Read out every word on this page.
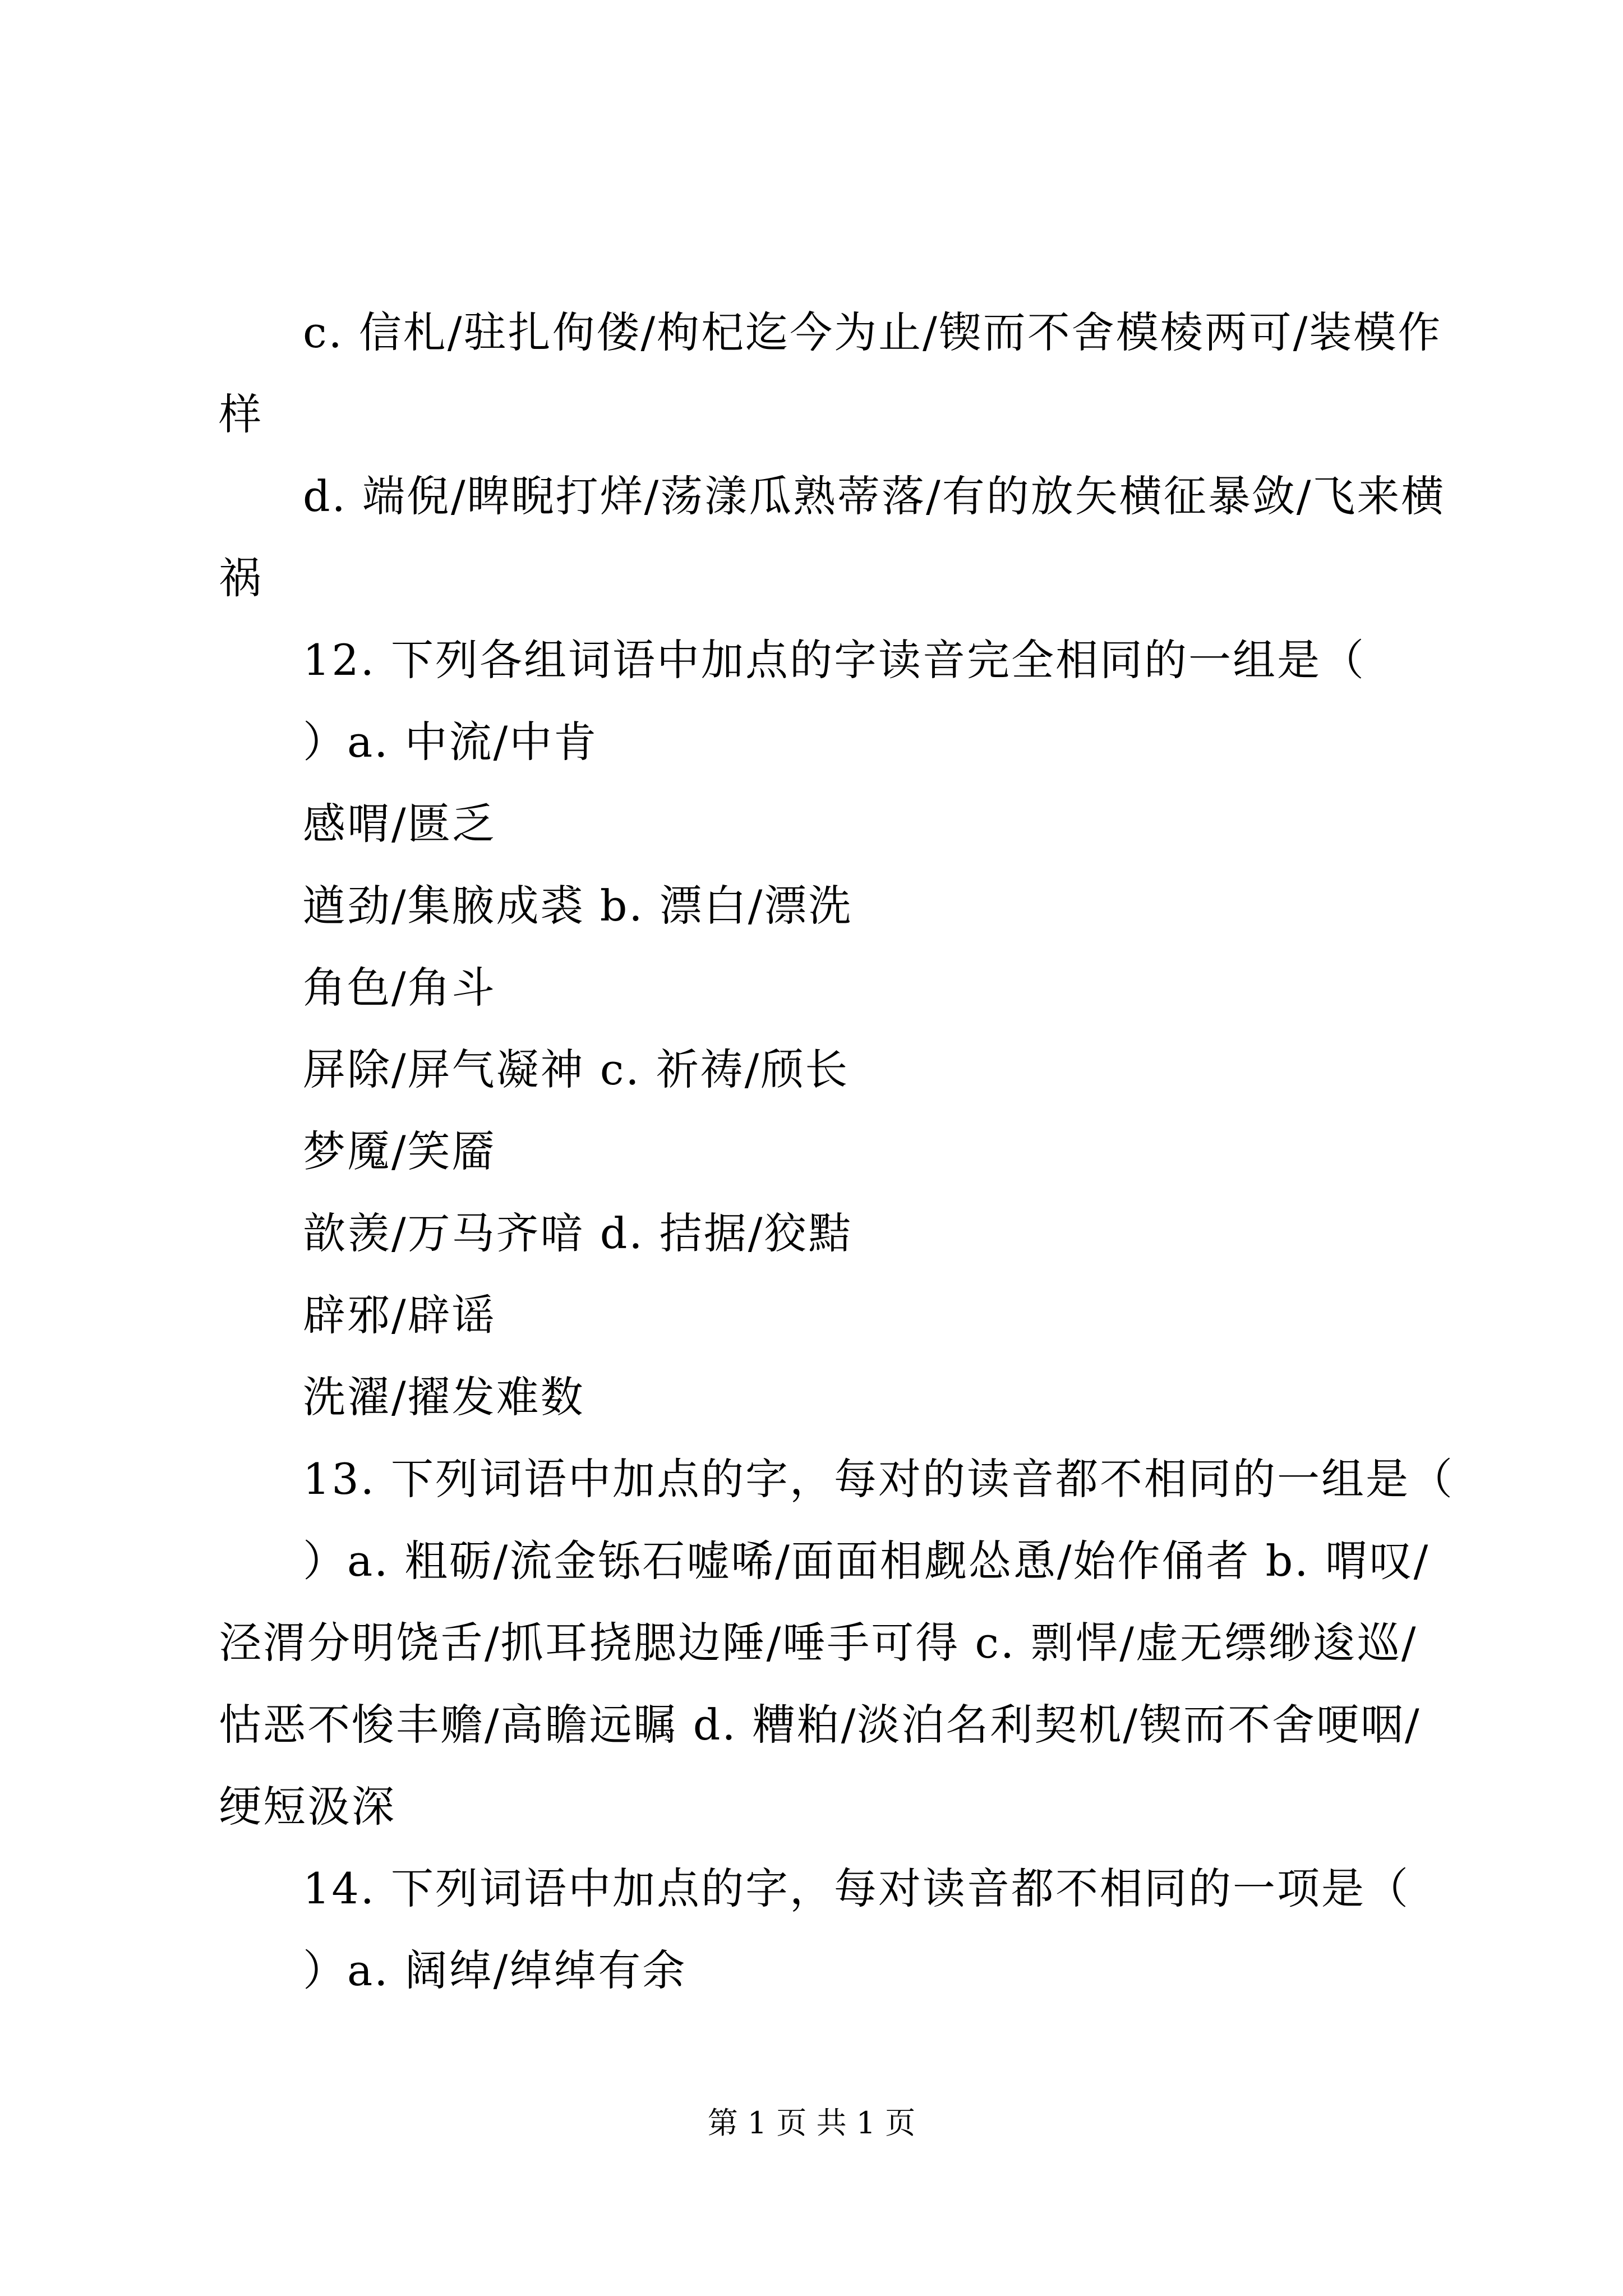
c. 信札/驻扎佝偻/枸杞迄今为止/锲而不舍模棱两可/装模作
样
d. 端倪/睥睨打烊/荡漾瓜熟蒂落/有的放矢横征暴敛/飞来横
祸
12. 下列各组词语中加点的字读音完全相同的一组是（
）a. 中流/中肯
感喟/匮乏
遒劲/集腋成裘 b. 漂白/漂洗
角色/角斗
屏除/屏气凝神 c. 祈祷/颀长
梦魇/笑靥
歆羡/万马齐喑 d. 拮据/狡黠
辟邪/辟谣
洗濯/擢发难数
13. 下列词语中加点的字，每对的读音都不相同的一组是（
）a. 粗砺/流金铄石嘘唏/面面相觑怂恿/始作俑者 b. 喟叹/
泾渭分明饶舌/抓耳挠腮边陲/唾手可得 c. 剽悍/虚无缥缈逡巡/
怙恶不悛丰赡/高瞻远瞩 d. 糟粕/淡泊名利契机/锲而不舍哽咽/
绠短汲深
14. 下列词语中加点的字，每对读音都不相同的一项是（
）a. 阔绰/绰绰有余
第 1 页 共 1 页
